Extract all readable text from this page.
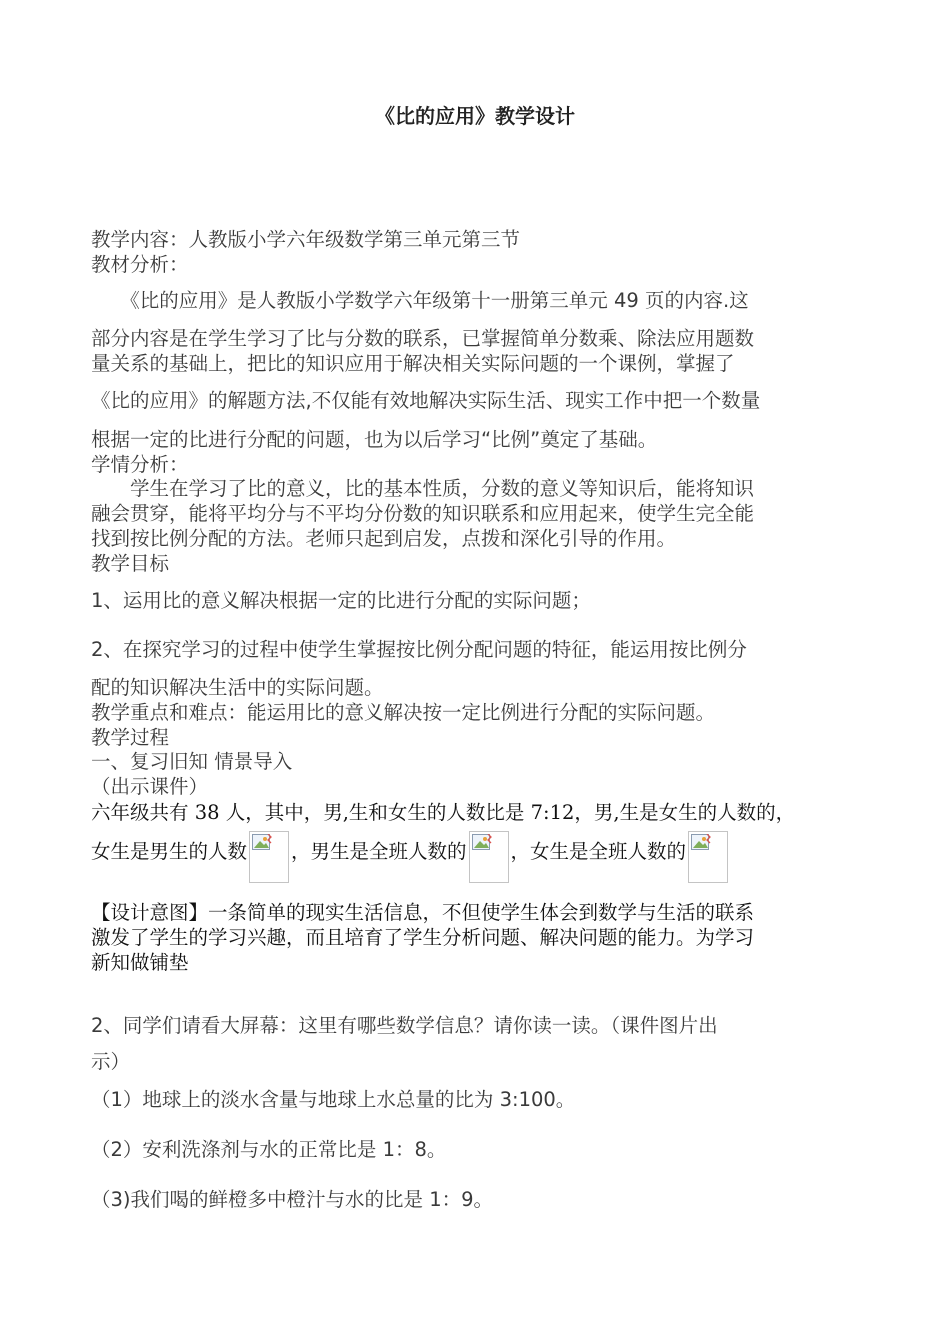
《比的应用》教学设计

教学内容：人教版小学六年级数学第三单元第三节

教材分析：

　　《比的应用》是人教版小学数学六年级第十一册第三单元 49 页的内容.这

部分内容是在学生学习了比与分数的联系，已掌握简单分数乘、除法应用题数

量关系的基础上，把比的知识应用于解决相关实际问题的一个课例，掌握了

《比的应用》的解题方法,不仅能有效地解决实际生活、现实工作中把一个数量

根据一定的比进行分配的问题，也为以后学习“比例”奠定了基础。

学情分析：

　　学生在学习了比的意义，比的基本性质，分数的意义等知识后，能将知识

融会贯穿，能将平均分与不平均分份数的知识联系和应用起来，使学生完全能

找到按比例分配的方法。老师只起到启发，点拨和深化引导的作用。

教学目标

1、运用比的意义解决根据一定的比进行分配的实际问题；

2、在探究学习的过程中使学生掌握按比例分配问题的特征，能运用按比例分

配的知识解决生活中的实际问题。

教学重点和难点：能运用比的意义解决按一定比例进行分配的实际问题。

教学过程

一、复习旧知 情景导入

（出示课件）

六年级共有 38 人，其中，男,生和女生的人数比是 7:12，男,生是女生的人数的，

女生是男生的人数 ，男生是全班人数的 ，女生是全班人数的

【设计意图】一条简单的现实生活信息，不但使学生体会到数学与生活的联系

激发了学生的学习兴趣，而且培育了学生分析问题、解决问题的能力。为学习

新知做铺垫

2、同学们请看大屏幕：这里有哪些数学信息？请你读一读。（课件图片出

示）

（1）地球上的淡水含量与地球上水总量的比为 3:100。

（2）安利洗涤剂与水的正常比是 1：8。

（3)我们喝的鲜橙多中橙汁与水的比是 1：9。
